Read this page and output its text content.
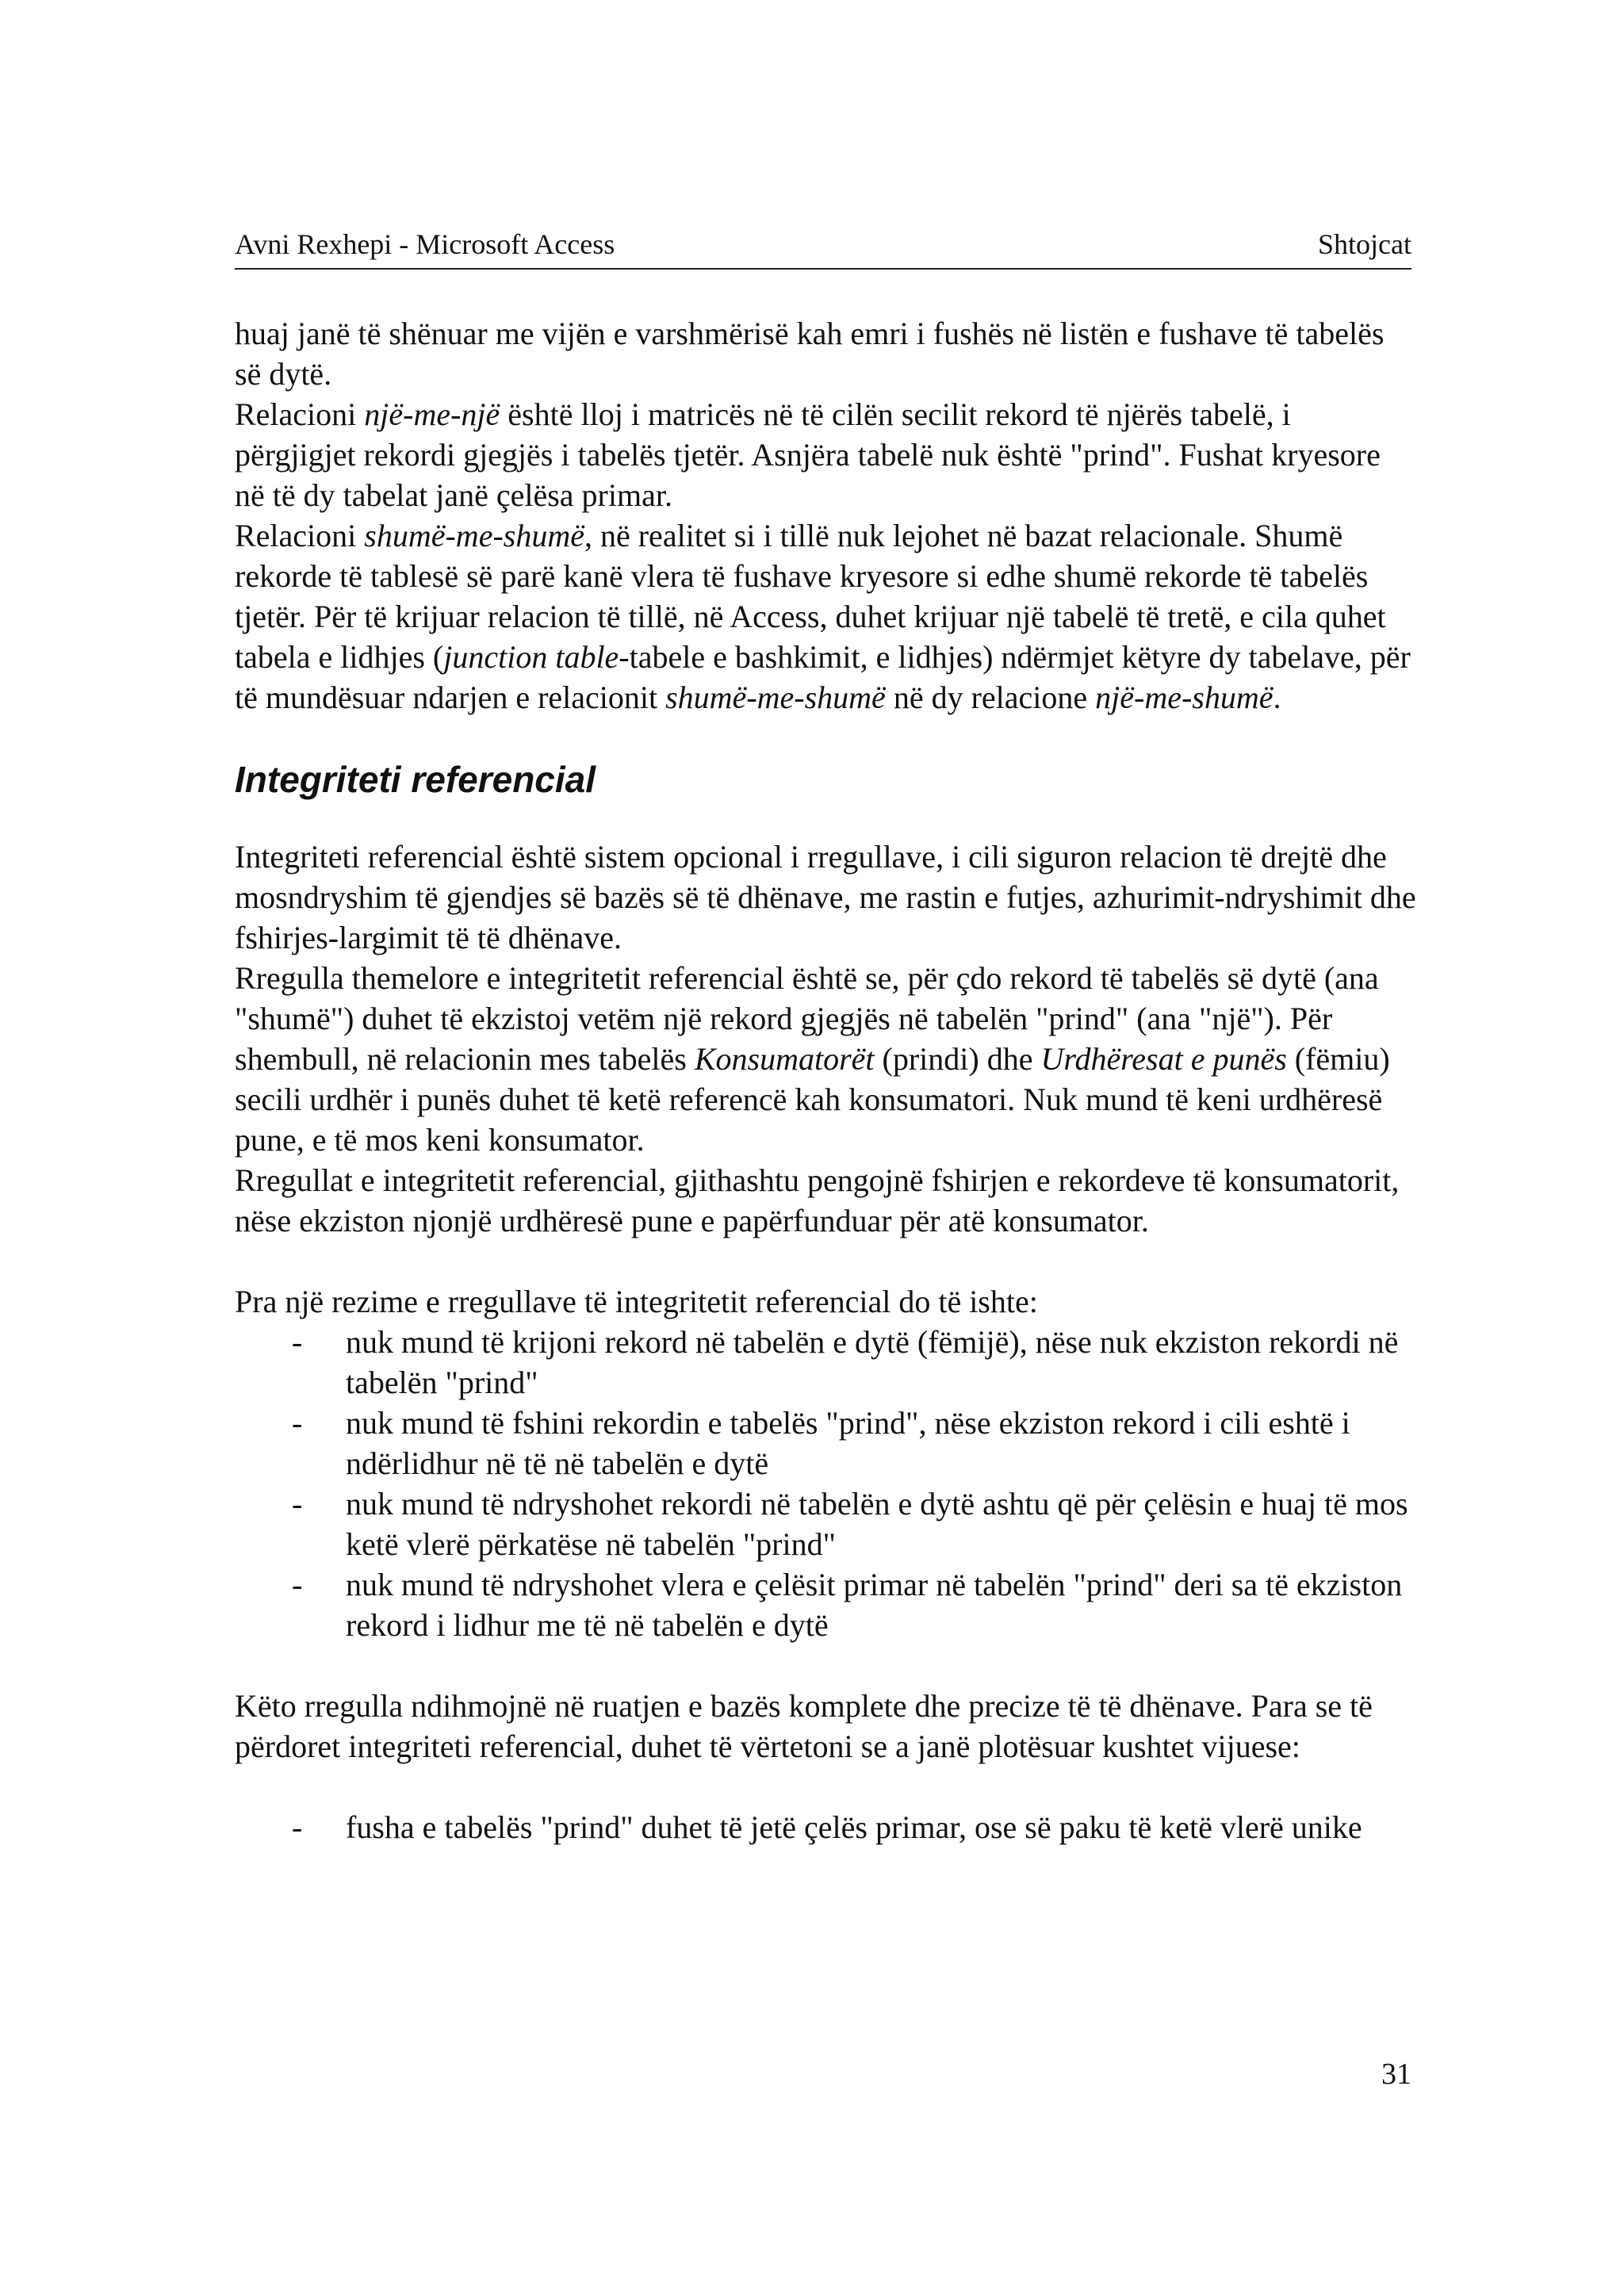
Avni Rexhepi - Microsoft Access	Shtojcat

huaj janë të shënuar me vijën e varshmërisë kah emri i fushës në listën e fushave të tabelës së dytë.

Relacioni një-me-një është lloj i matricës në të cilën secilit rekord të njërës tabelë, i përgjigjet rekordi gjegjës i tabelës tjetër. Asnjëra tabelë nuk është "prind". Fushat kryesore në të dy tabelat janë çelësa primar.

Relacioni shumë-me-shumë, në realitet si i tillë nuk lejohet në bazat relacionale. Shumë rekorde të tablesë së parë kanë vlera të fushave kryesore si edhe shumë rekorde të tabelës tjetër. Për të krijuar relacion të tillë, në Access, duhet krijuar një tabelë të tretë, e cila quhet tabela e lidhjes (junction table-tabele e bashkimit, e lidhjes) ndërmjet këtyre dy tabelave, për të mundësuar ndarjen e relacionit shumë-me-shumë në dy relacione një-me-shumë.

Integriteti referencial

Integriteti referencial është sistem opcional i rregullave, i cili siguron relacion të drejtë dhe mosndryshim të gjendjes së bazës së të dhënave, me rastin e futjes, azhurimit-ndryshimit dhe fshirjes-largimit të të dhënave.

Rregulla themelore e integritetit referencial është se, për çdo rekord të tabelës së dytë (ana "shumë") duhet të ekzistoj vetëm një rekord gjegjës në tabelën "prind" (ana "një"). Për shembull, në relacionin mes tabelës Konsumatorët (prindi) dhe Urdhëresat e punës (fëmiu) secili urdhër i punës duhet të ketë referencë kah konsumatori. Nuk mund të keni urdhëresë pune, e të mos keni konsumator.

Rregullat e integritetit referencial, gjithashtu pengojnë fshirjen e rekordeve të konsumatorit, nëse ekziston njonjë urdhëresë pune e papërfunduar për atë konsumator.

Pra një rezime e rregullave të integritetit referencial do të ishte:

- nuk mund të krijoni rekord në tabelën e dytë (fëmijë), nëse nuk ekziston rekordi në tabelën "prind"
- nuk mund të fshini rekordin e tabelës "prind", nëse ekziston rekord i cili eshtë i ndërlidhur në të në tabelën e dytë
- nuk mund të ndryshohet rekordi në tabelën e dytë ashtu që për çelësin e huaj të mos ketë vlerë përkatëse në tabelën "prind"
- nuk mund të ndryshohet vlera e çelësit primar në tabelën "prind" deri sa të ekziston rekord i lidhur me të në tabelën e dytë

Këto rregulla ndihmojnë në ruatjen e bazës komplete dhe precize të të dhënave. Para se të përdoret integriteti referencial, duhet të vërtetoni se a janë plotësuar kushtet vijuese:

- fusha e tabelës "prind" duhet të jetë çelës primar, ose së paku të ketë vlerë unike
31
